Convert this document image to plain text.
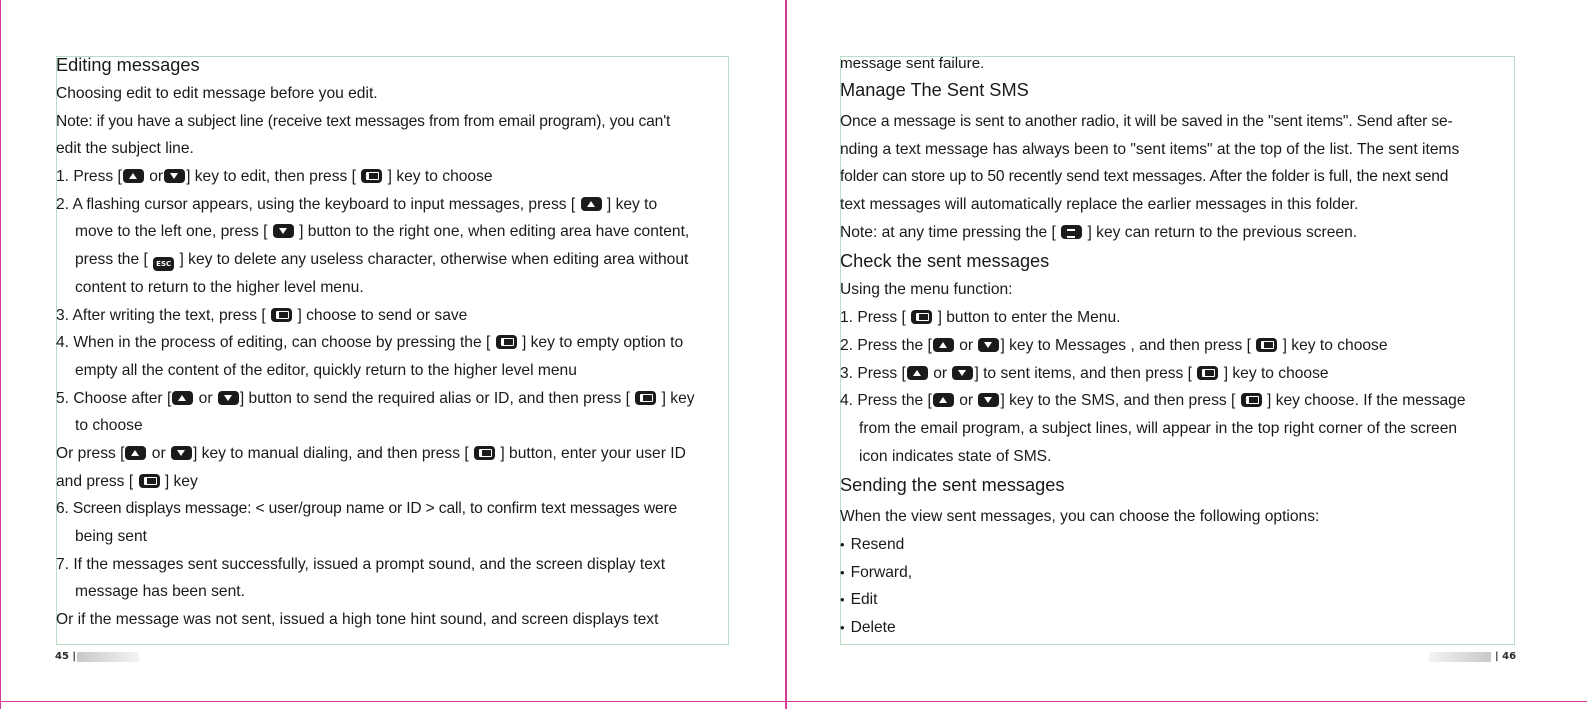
Editing messages
Choosing edit to edit message before you edit.
Note: if you have a subject line (receive text messages from from email program), you can't
edit the subject line.
1. Press [ or ] key to edit, then press [ ] key to choose
2. A flashing cursor appears, using the keyboard to input messages, press [ ] key to
move to the left one, press [ ] button to the right one, when editing area have content,
press the [ ESC ] key to delete any useless character, otherwise when editing area without
content to return to the higher level menu.
3. After writing the text, press [ ] choose to send or save
4. When in the process of editing, can choose by pressing the [ ] key to empty option to
empty all the content of the editor, quickly return to the higher level menu
5. Choose after [ or ] button to send the required alias or ID, and then press [ ] key
to choose
Or press [ or ] key to manual dialing, and then press [ ] button, enter your user ID
and press [ ] key
6. Screen displays message: < user/group name or ID > call, to confirm text messages were
being sent
7. If the messages sent successfully, issued a prompt sound, and the screen display text
message has been sent.
Or if the message was not sent, issued a high tone hint sound, and screen displays text
message sent failure.
Manage The Sent SMS
Once a message is sent to another radio, it will be saved in the "sent items". Send after se-
nding a text message has always been to "sent items" at the top of the list. The sent items
folder can store up to 50 recently send text messages. After the folder is full, the next send
text messages will automatically replace the earlier messages in this folder.
Note: at any time pressing the [ ] key can return to the previous screen.
Check the sent messages
Using the menu function:
1. Press [ ] button to enter the Menu.
2. Press the [ or ] key to Messages , and then press [ ] key to choose
3. Press [ or ] to sent items, and then press [ ] key to choose
4. Press the [ or ] key to the SMS, and then press [ ] key choose. If the message
from the email program, a subject lines, will appear in the top right corner of the screen
icon indicates state of SMS.
Sending the sent messages
When the view sent messages, you can choose the following options:
• Resend
• Forward,
• Edit
• Delete
45 |	| 46
